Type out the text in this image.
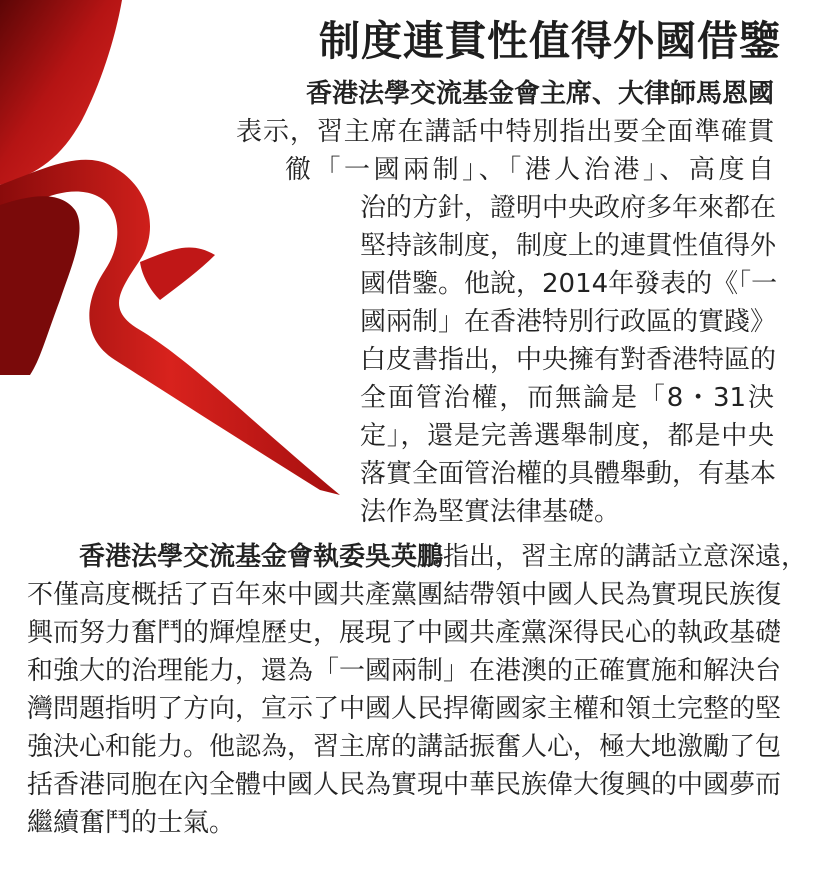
制度連貫性值得外國借鑒

香港法學交流基金會主席、大律師馬恩國

表示，習主席在講話中特別指出要全面準確貫

徹「一國兩制」、「港人治港」、高度自

治的方針，證明中央政府多年來都在

堅持該制度，制度上的連貫性值得外

國借鑒。他說，2014年發表的《「一

國兩制」在香港特別行政區的實踐》

白皮書指出，中央擁有對香港特區的

全面管治權，而無論是「8・31決

定」，還是完善選舉制度，都是中央

落實全面管治權的具體舉動，有基本

法作為堅實法律基礎。

香港法學交流基金會執委吳英鵬指出，習主席的講話立意深遠，
不僅高度概括了百年來中國共產黨團結帶領中國人民為實現民族復
興而努力奮鬥的輝煌歷史，展現了中國共產黨深得民心的執政基礎
和強大的治理能力，還為「一國兩制」在港澳的正確實施和解決台
灣問題指明了方向，宣示了中國人民捍衛國家主權和領土完整的堅
強決心和能力。他認為，習主席的講話振奮人心，極大地激勵了包
括香港同胞在內全體中國人民為實現中華民族偉大復興的中國夢而
繼續奮鬥的士氣。
